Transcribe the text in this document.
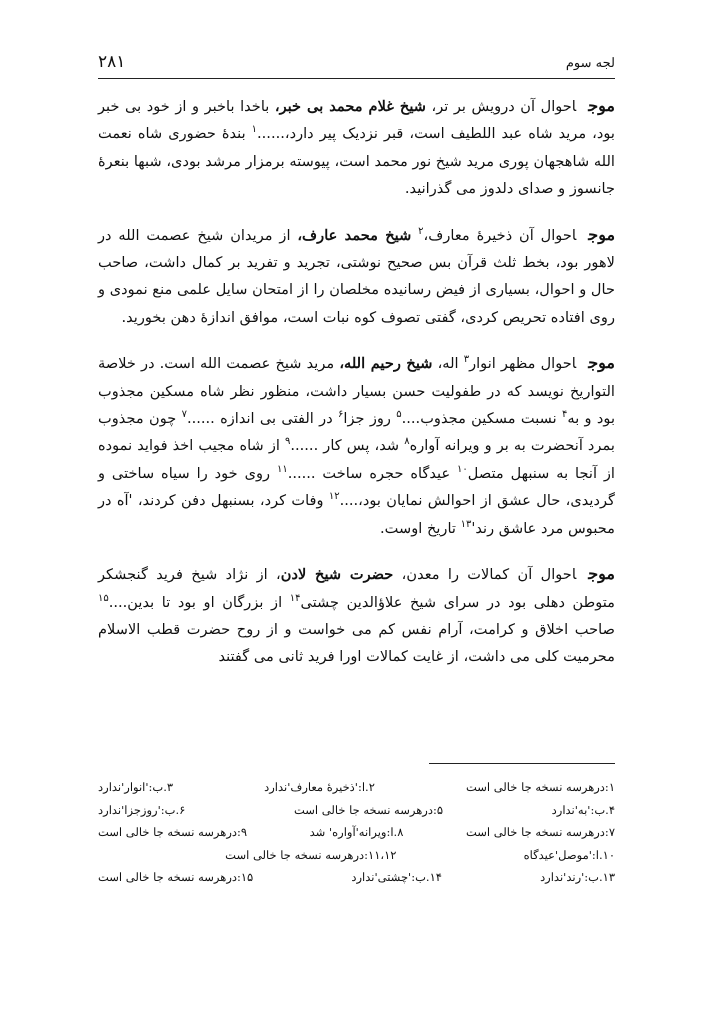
۲۸۱	لجه سوم

موجاحوال آن درویش بر تر، شیخ غلام محمد بی خبر، باخدا باخبر و از خود بی خبر بود، مرید شاه عبد اللطیف است، قبر نزدیک پیر دارد،......$^۱$ بندهٔ حضوری شاه نعمت الله شاهجهان پوری مرید شیخ نور محمد است، پیوسته برمزار مرشد بودی، شبها بنعرهٔ جانسوز و صدای دلدوز می گذرانید.

موجاحوال آن ذخیرهٔ معارف،$^۲$ شیخ محمد عارف، از مریدان شیخ عصمت الله در لاهور بود، بخط ثلث قرآن بس صحیح نوشتی، تجرید و تفرید بر کمال داشت، صاحب حال و احوال، بسیاری از فیض رسانیده مخلصان را از امتحان سایل علمی منع نمودی و روی افتاده تحریص کردی، گفتی تصوف کوه نبات است، موافق اندازهٔ دهن بخورید.

موجاحوال مظهر انوار$^۳$ اله، شیخ رحیم الله، مرید شیخ عصمت الله است. در خلاصة التواریخ نویسد که در طفولیت حسن بسیار داشت، منظور نظر شاه مسکین مجذوب بود و به$^۴$ نسبت مسکین مجذوب....$^۵$ روز جزا$^۶$ در الفتی بی اندازه ......$^۷$ چون مجذوب بمرد آنحضرت به بر و ویرانه آواره$^۸$ شد، پس کار ......$^۹$ از شاه مجیب اخذ فواید نموده از آنجا به سنبهل متصل$^{۱۰}$ عیدگاه حجره ساخت ......$^{۱۱}$ روی خود را سیاه ساختی و گردیدی، حال عشق از احوالش نمایان بود،....$^{۱۲}$ وفات کرد، بسنبهل دفن کردند، 'آه در محبوس مرد عاشق $رند'^{۱۳}$ تاریخ اوست.

موجاحوال آن کمالات را معدن، حضرت شیخ لادن، از نژاد شیخ فرید گنجشکر متوطن دهلی بود در سرای شیخ علاؤالدین چشتی$^{۱۴}$ از بزرگان او بود تا بدین....$^{۱۵}$ صاحب اخلاق و کرامت، آرام نفس کم می خواست و از روح حضرت قطب الاسلام محرمیت کلی می داشت، از غایت کمالات اورا فرید ثانی می گفتند

۱:درهرسه نسخه جا خالی است
۲.ا:'ذخیرهٔ معارف'ندارد
۳.ب:'انوار'ندارد
۴.ب:'به'ندارد
۵:درهرسه نسخه جا خالی است
۶.ب:'روزجزا'ندارد
۷:درهرسه نسخه جا خالی است
۸.ا:ویرانه'آواره' شد
۹:درهرسه نسخه جا خالی است
۱۰.ا:'موصل'عیدگاه
۱۱،۱۲:درهرسه نسخه جا خالی است
۱۳.ب:'رند'ندارد
۱۴.ب:'چشتی'ندارد
۱۵:درهرسه نسخه جا خالی است
